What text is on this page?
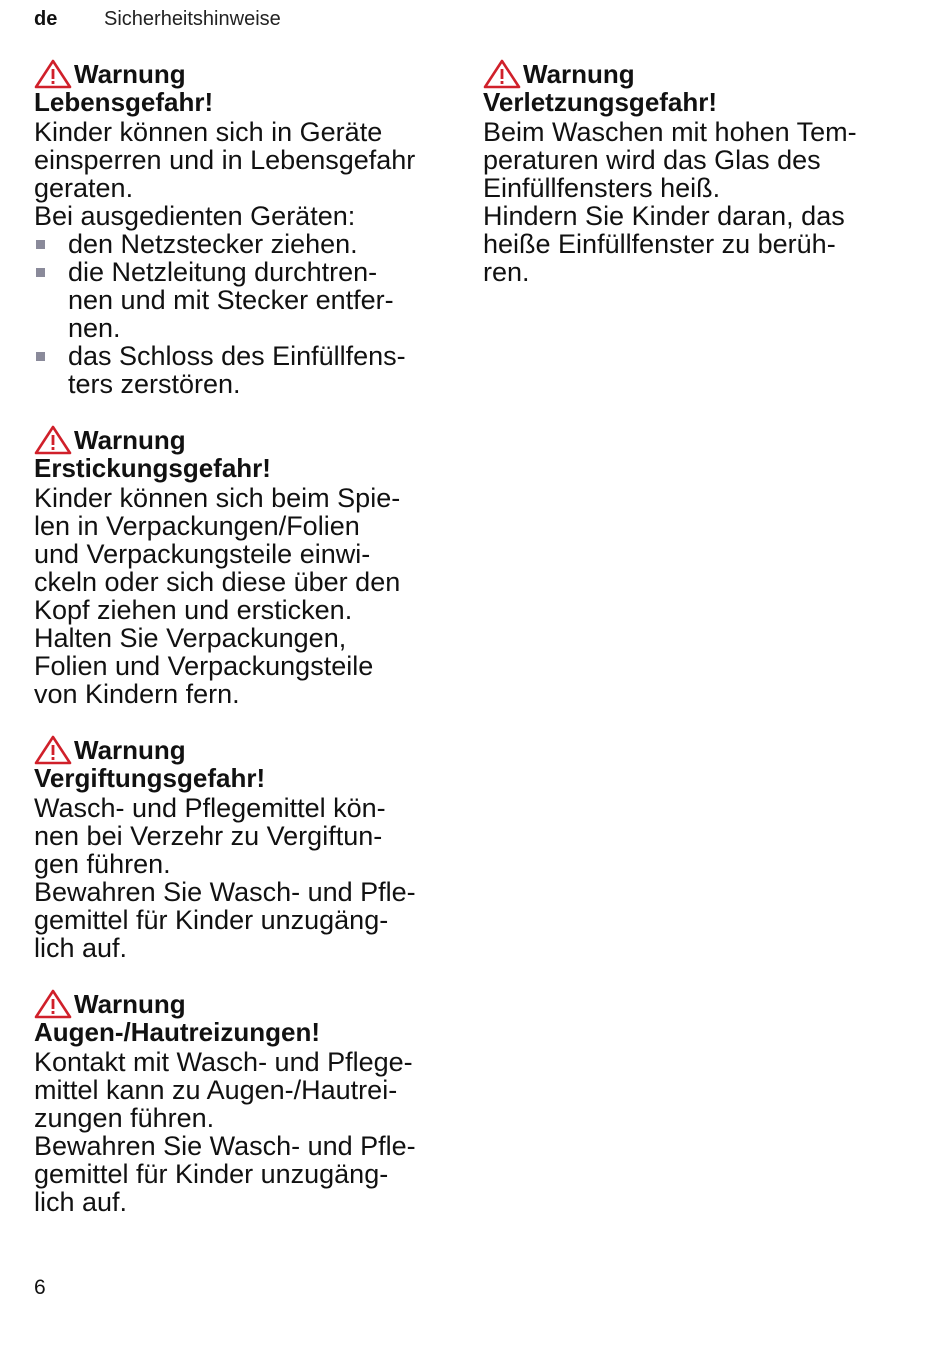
de Sicherheitshinweise
Warnung
Lebensgefahr!
Kinder können sich in Geräte
einsperren und in Lebensgefahr
geraten.
Bei ausgedienten Geräten:
den Netzstecker ziehen.
die Netzleitung durchtren-
nen und mit Stecker entfer-
nen.
das Schloss des Einfüllfens-
ters zerstören.
Warnung
Erstickungsgefahr!
Kinder können sich beim Spie-
len in Verpackungen/Folien
und Verpackungsteile einwi-
ckeln oder sich diese über den
Kopf ziehen und ersticken.
Halten Sie Verpackungen,
Folien und Verpackungsteile
von Kindern fern.
Warnung
Vergiftungsgefahr!
Wasch- und Pflegemittel kön-
nen bei Verzehr zu Vergiftun-
gen führen.
Bewahren Sie Wasch- und Pfle-
gemittel für Kinder unzugäng-
lich auf.
Warnung
Augen-/Hautreizungen!
Kontakt mit Wasch- und Pflege-
mittel kann zu Augen-/Hautrei-
zungen führen.
Bewahren Sie Wasch- und Pfle-
gemittel für Kinder unzugäng-
lich auf.
Warnung
Verletzungsgefahr!
Beim Waschen mit hohen Tem-
peraturen wird das Glas des
Einfüllfensters heiß.
Hindern Sie Kinder daran, das
heiße Einfüllfenster zu berüh-
ren.
6
